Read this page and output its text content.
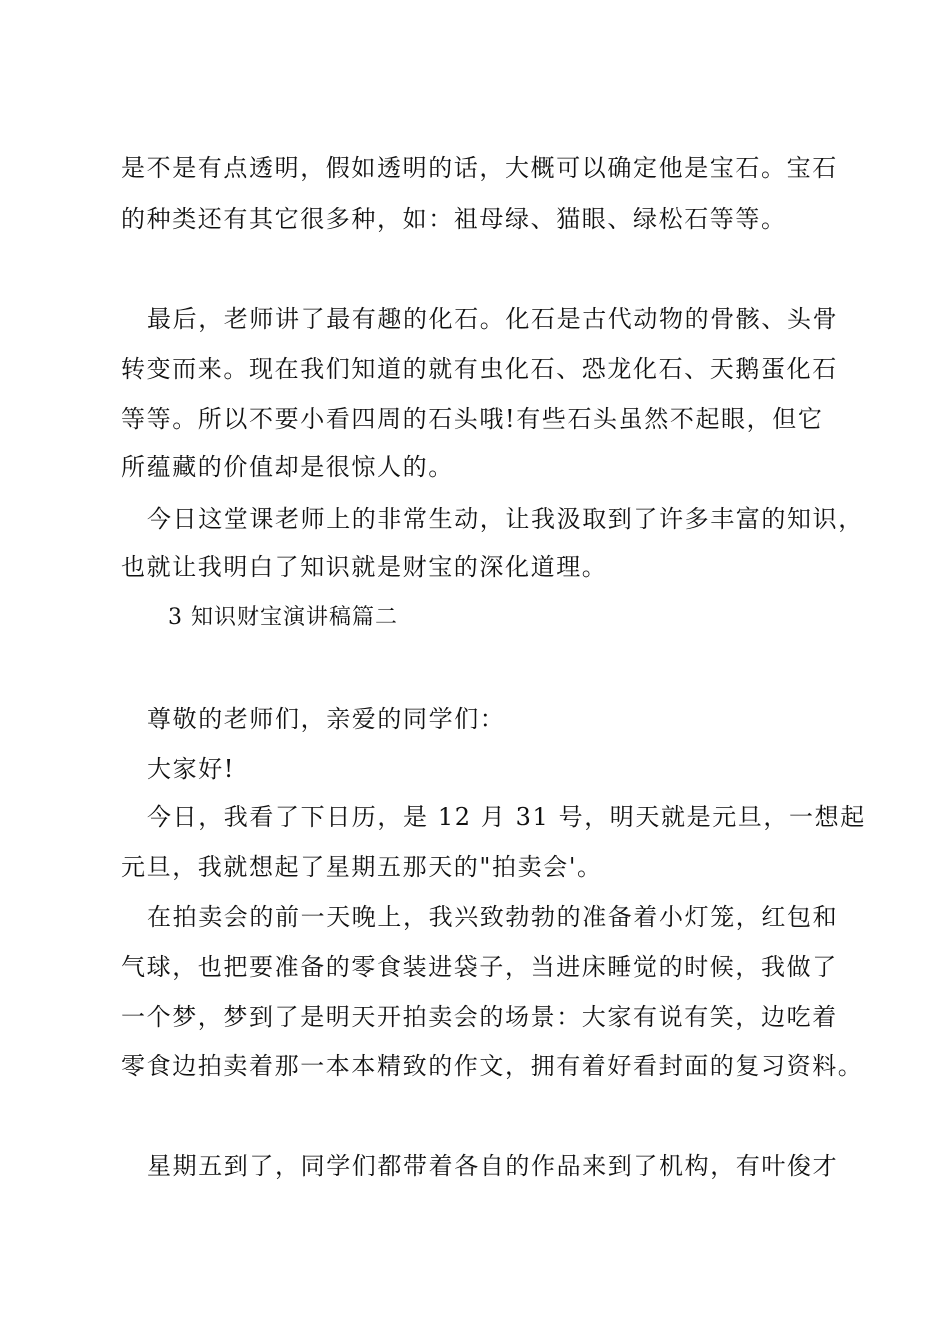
是不是有点透明，假如透明的话，大概可以确定他是宝石。宝石
的种类还有其它很多种，如：祖母绿、猫眼、绿松石等等。
最后，老师讲了最有趣的化石。化石是古代动物的骨骸、头骨
转变而来。现在我们知道的就有虫化石、恐龙化石、天鹅蛋化石
等等。所以不要小看四周的石头哦!有些石头虽然不起眼，但它
所蕴藏的价值却是很惊人的。
今日这堂课老师上的非常生动，让我汲取到了许多丰富的知识，
也就让我明白了知识就是财宝的深化道理。
3 知识财宝演讲稿篇二
尊敬的老师们，亲爱的同学们：
大家好!
今日，我看了下日历，是 12 月 31 号，明天就是元旦，一想起
元旦，我就想起了星期五那天的"拍卖会'。
在拍卖会的前一天晚上，我兴致勃勃的准备着小灯笼，红包和
气球，也把要准备的零食装进袋子，当进床睡觉的时候，我做了
一个梦，梦到了是明天开拍卖会的场景：大家有说有笑，边吃着
零食边拍卖着那一本本精致的作文，拥有着好看封面的复习资料。
星期五到了，同学们都带着各自的作品来到了机构，有叶俊才
